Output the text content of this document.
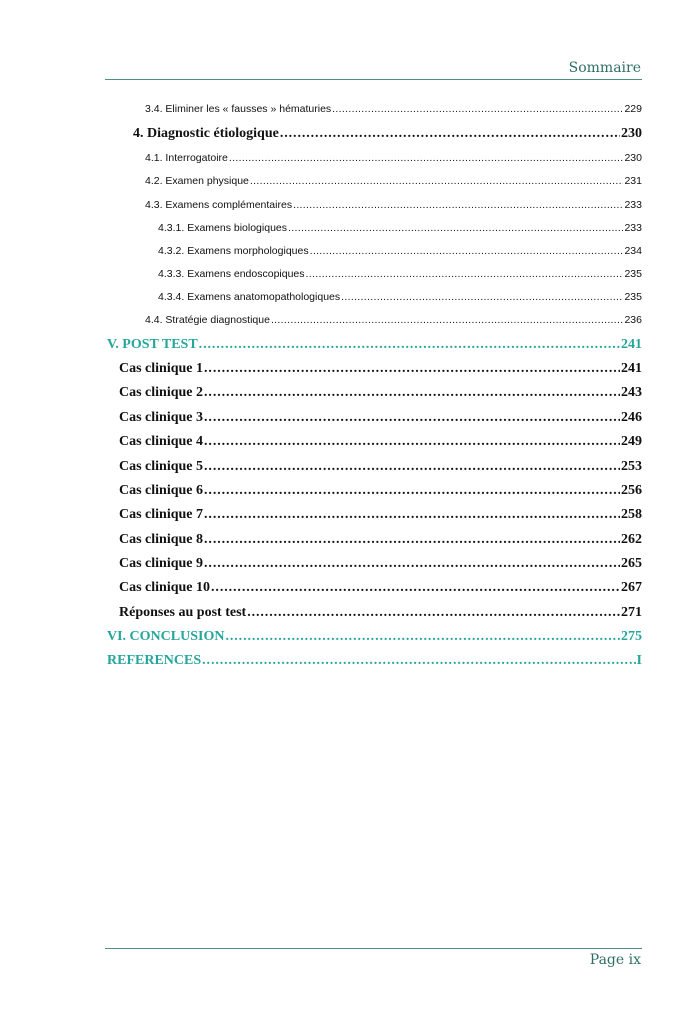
Sommaire
3.4. Eliminer les « fausses » hématuries . . .	229
4. Diagnostic étiologique . . .	230
4.1. Interrogatoire . . .	230
4.2. Examen physique . . .	231
4.3. Examens complémentaires . . .	233
4.3.1. Examens biologiques . . .	233
4.3.2. Examens morphologiques . . .	234
4.3.3. Examens endoscopiques . . .	235
4.3.4. Examens anatomopathologiques . . .	235
4.4. Stratégie diagnostique . . .	236
V. POST TEST . . .	241
Cas clinique 1 . . .	241
Cas clinique 2 . . .	243
Cas clinique 3 . . .	246
Cas clinique 4 . . .	249
Cas clinique 5 . . .	253
Cas clinique 6 . . .	256
Cas clinique 7 . . .	258
Cas clinique 8 . . .	262
Cas clinique 9 . . .	265
Cas clinique 10 . . .	267
Réponses au post test . . .	271
VI. CONCLUSION . . .	275
REFERENCES . . .	I
Page ix
